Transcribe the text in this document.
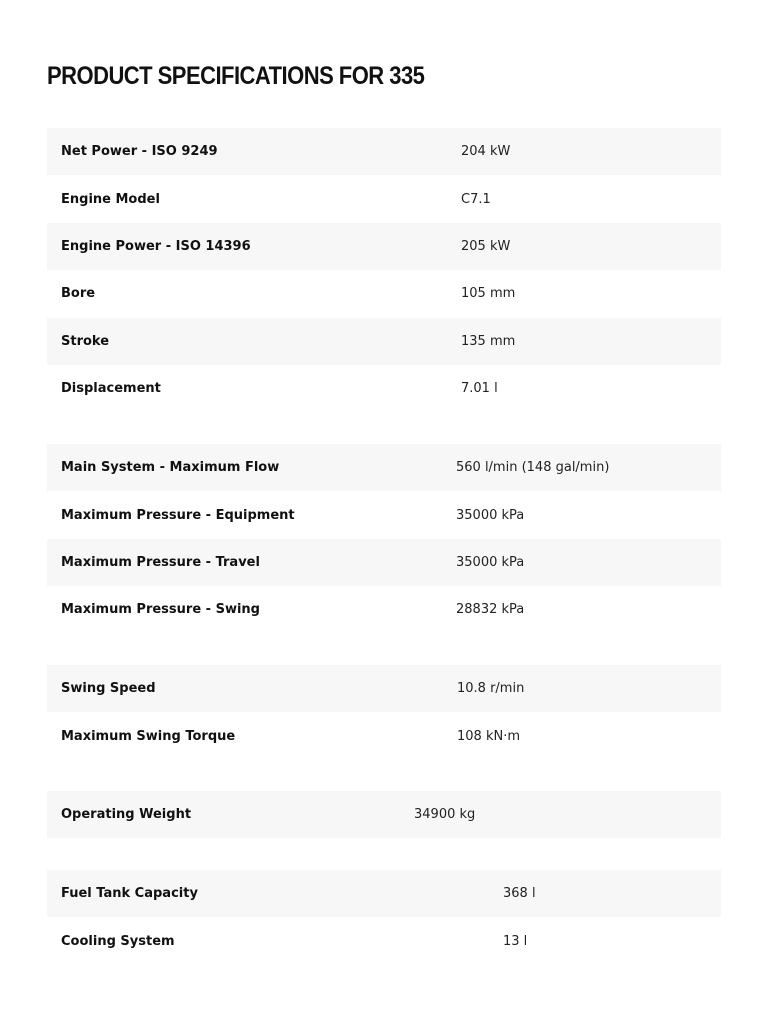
PRODUCT SPECIFICATIONS FOR 335
Net Power - ISO 9249	204 kW
Engine Model	C7.1
Engine Power - ISO 14396	205 kW
Bore	105 mm
Stroke	135 mm
Displacement	7.01 l
Main System - Maximum Flow	560 l/min (148 gal/min)
Maximum Pressure - Equipment	35000 kPa
Maximum Pressure - Travel	35000 kPa
Maximum Pressure - Swing	28832 kPa
Swing Speed	10.8 r/min
Maximum Swing Torque	108 kN·m
Operating Weight	34900 kg
Fuel Tank Capacity	368 l
Cooling System	13 l
